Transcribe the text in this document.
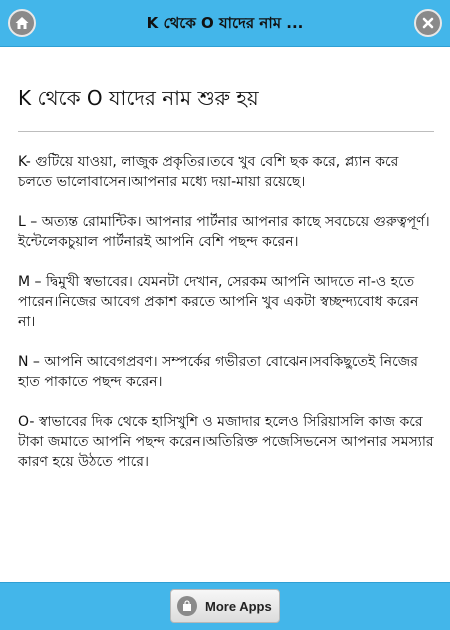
K থেকে O যাদের নাম ...
K থেকে O যাদের নাম শুরু হয়

K- গুটিয়ে যাওয়া, লাজুক প্রকৃতির।তবে খুব বেশি ছক করে, প্ল্যান করে চলতে ভালোবাসেন।আপনার মধ্যে দয়া-মায়া রয়েছে।

L – অত্যন্ত রোমান্টিক। আপনার পার্টনার আপনার কাছে সবচেয়ে গুরুত্বপূর্ণ।ইন্টেলেকচুয়াল পার্টনারই আপনি বেশি পছন্দ করেন।

M – দ্বিমুখী স্বভাবের। যেমনটা দেখান, সেরকম আপনি আদতে না-ও হতে পারেন।নিজের আবেগ প্রকাশ করতে আপনি খুব একটা স্বচ্ছন্দ্যবোধ করেন না।

N – আপনি আবেগপ্রবণ। সম্পর্কের গভীরতা বোঝেন।সবকিছুতেই নিজের হাত পাকাতে পছন্দ করেন।

O- স্বাভাবের দিক থেকে হাসিখুশি ও মজাদার হলেও সিরিয়াসলি কাজ করে টাকা জমাতে আপনি পছন্দ করেন।অতিরিক্ত পজেসিভনেস আপনার সমস্যার কারণ হয়ে উঠতে পারে।

More Apps
